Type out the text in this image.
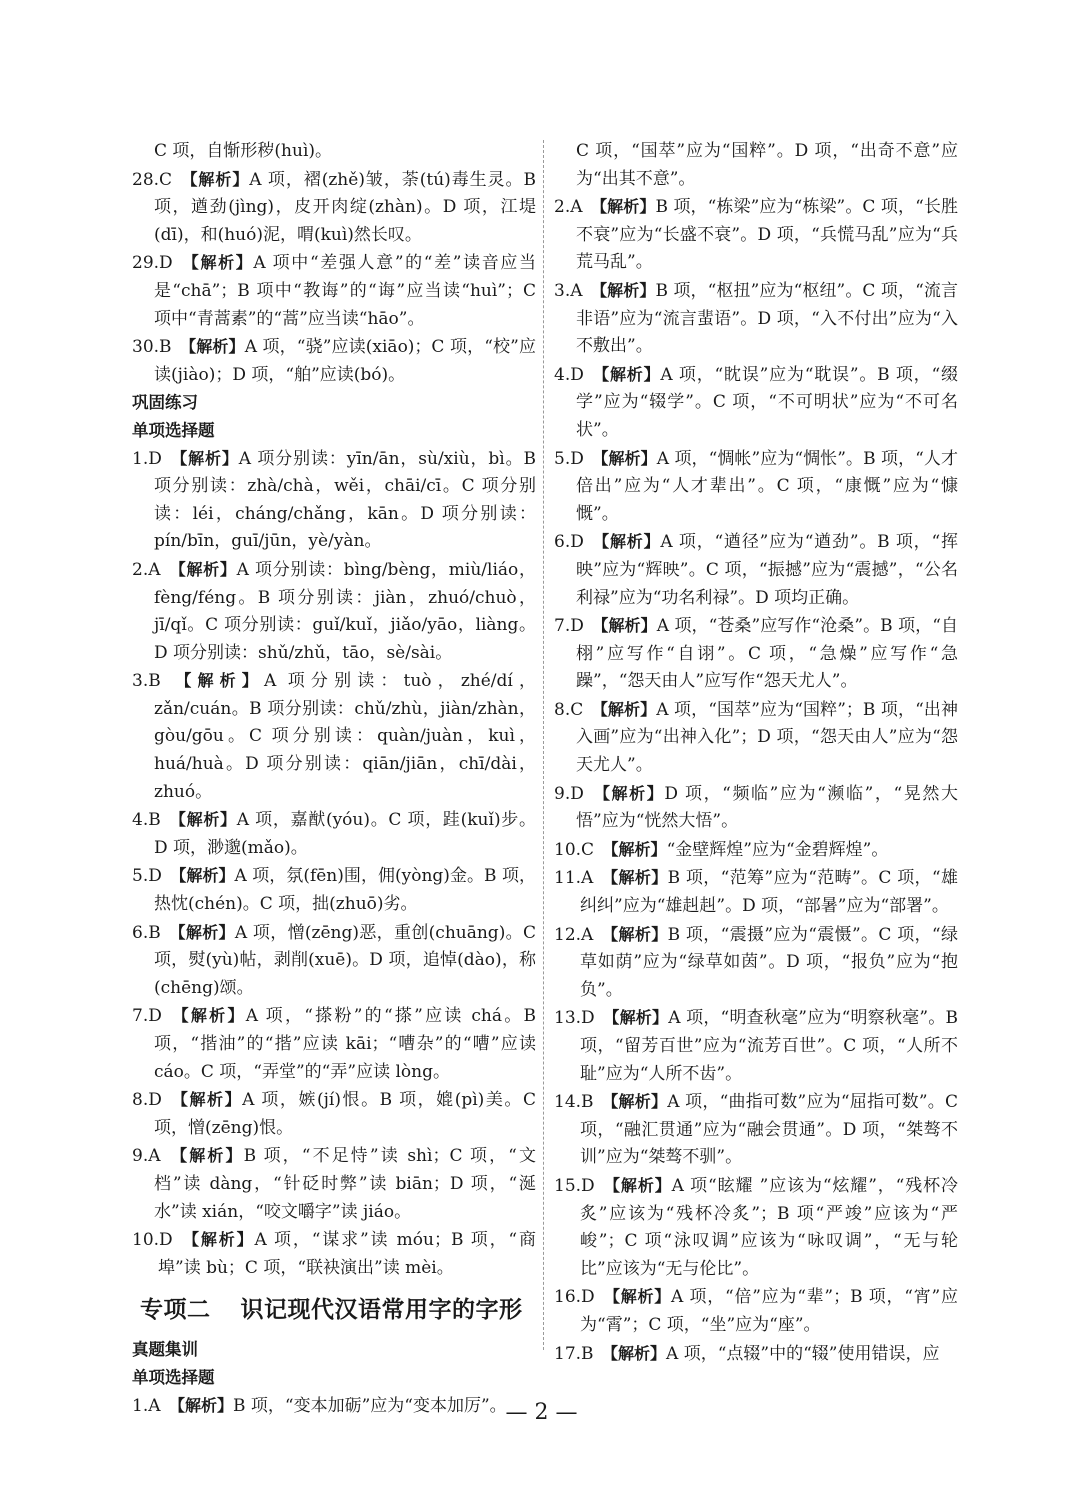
C 项，自惭形秽(huì)。

28.C  【解析】A 项，褶(zhě)皱，荼(tú)毒生灵。B 项，遒劲(jìng)，皮开肉绽(zhàn)。D 项，江堤(dī)，和(huó)泥，喟(kuì)然长叹。

29.D  【解析】A 项中“差强人意”的“差”读音应当是“chā”；B 项中“教诲”的“诲”应当读“huì”；C 项中“青蒿素”的“蒿”应当读“hāo”。

30.B  【解析】A 项，“骁”应读(xiāo)；C 项，“校”应读(jiào)；D 项，“舶”应读(bó)。

巩固练习

单项选择题

1.D  【解析】A 项分别读：yīn/ān，sù/xiù，bì。B 项分别读：zhà/chà，wěi，chāi/cī。C 项分别读：léi，cháng/chǎng，kān。D 项分别读：pín/bīn，guī/jūn，yè/yàn。

2.A  【解析】A 项分别读：bìng/bèng，miù/liáo，fèng/féng。B 项分别读：jiàn，zhuó/chuò，jī/qǐ。C 项分别读：guǐ/kuǐ，jiǎo/yāo，liàng。D 项分别读：shǔ/zhǔ，tāo，sè/sài。

3.B  【解析】A 项分别读：tuò，zhé/dí，zǎn/cuán。B 项分别读：chǔ/zhù，jiàn/zhàn，gòu/gōu。C 项分别读：quàn/juàn，kuì，huá/huà。D 项分别读：qiān/jiān，chī/dài，zhuó。

4.B  【解析】A 项，嘉猷(yóu)。C 项，跬(kuǐ)步。D 项，渺邈(mǎo)。

5.D  【解析】A 项，氛(fēn)围，佣(yòng)金。B 项，热忱(chén)。C 项，拙(zhuō)劣。

6.B  【解析】A 项，憎(zēng)恶，重创(chuāng)。C 项，熨(yù)帖，剥削(xuē)。D 项，追悼(dào)，称(chēng)颂。

7.D  【解析】A 项，“搽粉”的“搽”应读 chá。B 项，“揩油”的“揩”应读 kāi；“嘈杂”的“嘈”应读 cáo。C 项，“弄堂”的“弄”应读 lòng。

8.D  【解析】A 项，嫉(jí)恨。B 项，媲(pì)美。C 项，憎(zēng)恨。

9.A  【解析】B 项，“不足恃”读 shì；C 项，“文档”读 dàng，“针砭时弊”读 biān；D 项，“涎水”读 xián，“咬文嚼字”读 jiáo。

10.D  【解析】A 项，“谋求”读 móu；B 项，“商埠”读 bù；C 项，“联袂演出”读 mèi。

专项二 识记现代汉语常用字的字形

真题集训

单项选择题

1.A  【解析】B 项，“变本加砺”应为“变本加厉”。

C 项，“国萃”应为“国粹”。D 项，“出奇不意”应为“出其不意”。

2.A  【解析】B 项，“栋梁”应为“栋梁”。C 项，“长胜不衰”应为“长盛不衰”。D 项，“兵慌马乱”应为“兵荒马乱”。

3.A  【解析】B 项，“枢扭”应为“枢纽”。C 项，“流言非语”应为“流言蜚语”。D 项，“入不付出”应为“入不敷出”。

4.D  【解析】A 项，“眈误”应为“耽误”。B 项，“缀学”应为“辍学”。C 项，“不可明状”应为“不可名状”。

5.D  【解析】A 项，“惆帐”应为“惆怅”。B 项，“人才倍出”应为“人才辈出”。C 项，“康慨”应为“慷慨”。

6.D  【解析】A 项，“遒径”应为“遒劲”。B 项，“挥映”应为“辉映”。C 项，“振撼”应为“震撼”，“公名利禄”应为“功名利禄”。D 项均正确。

7.D  【解析】A 项，“苍桑”应写作“沧桑”。B 项，“自栩”应写作“自诩”。C 项，“急燥”应写作“急躁”，“怨天由人”应写作“怨天尤人”。

8.C  【解析】A 项，“国萃”应为“国粹”；B 项，“出神入画”应为“出神入化”；D 项，“怨天由人”应为“怨天尤人”。

9.D  【解析】D 项，“频临”应为“濒临”，“晃然大悟”应为“恍然大悟”。

10.C  【解析】“金壁辉煌”应为“金碧辉煌”。

11.A  【解析】B 项，“范筹”应为“范畴”。C 项，“雄纠纠”应为“雄赳赳”。D 项，“部暑”应为“部署”。

12.A  【解析】B 项，“震摄”应为“震慑”。C 项，“绿草如荫”应为“绿草如茵”。D 项，“报负”应为“抱负”。

13.D  【解析】A 项，“明查秋毫”应为“明察秋毫”。B 项，“留芳百世”应为“流芳百世”。C 项，“人所不耻”应为“人所不齿”。

14.B  【解析】A 项，“曲指可数”应为“屈指可数”。C 项，“融汇贯通”应为“融会贯通”。D 项，“桀骜不训”应为“桀骜不驯”。

15.D  【解析】A 项“眩耀 ”应该为“炫耀”，“残杯冷炙”应该为“残杯冷炙”；B 项“严竣”应该为“严峻”；C 项“泳叹调”应该为“咏叹调”，“无与轮比”应该为“无与伦比”。

16.D  【解析】A 项，“倍”应为“辈”；B 项，“宵”应为“霄”；C 项，“坐”应为“座”。

17.B  【解析】A 项，“点辍”中的“辍”使用错误，应

— 2 —
